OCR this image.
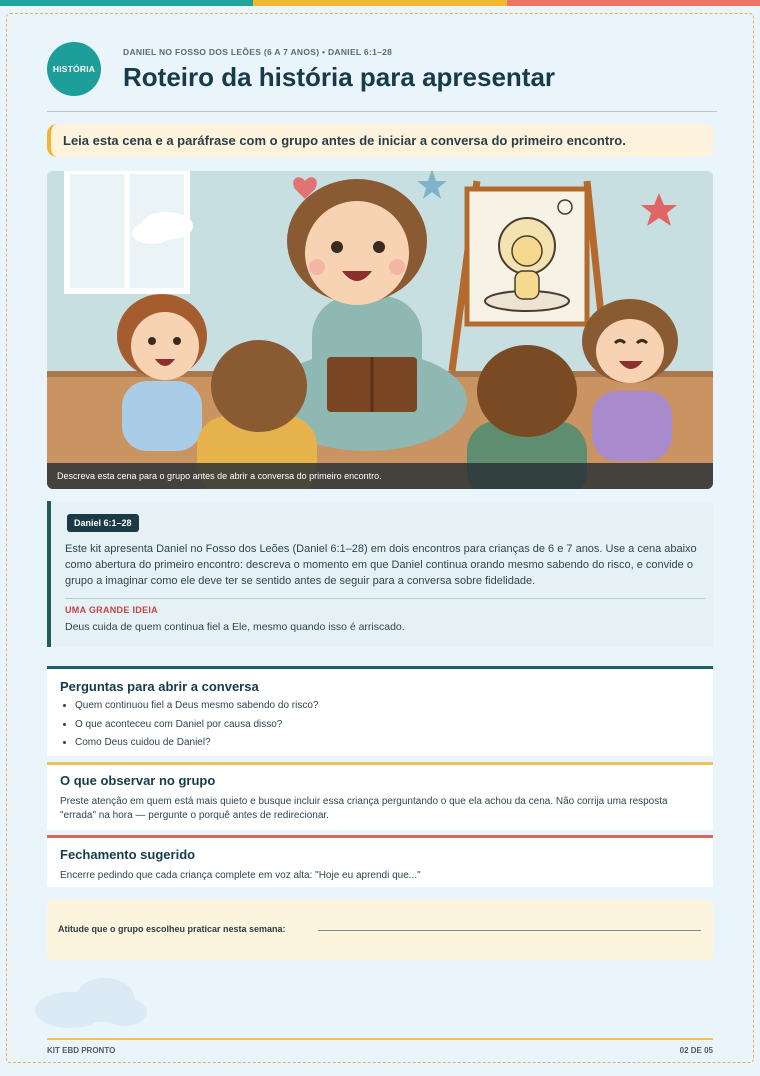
HISTÓRIA
DANIEL NO FOSSO DOS LEÕES (6 A 7 ANOS) • DANIEL 6:1–28
Roteiro da história para apresentar
Leia esta cena e a paráfrase com o grupo antes de iniciar a conversa do primeiro encontro.
Descreva esta cena para o grupo antes de abrir a conversa do primeiro encontro.
Daniel 6:1–28
Este kit apresenta Daniel no Fosso dos Leões (Daniel 6:1–28) em dois encontros para crianças de 6 e 7 anos. Use a cena abaixo como abertura do primeiro encontro: descreva o momento em que Daniel continua orando mesmo sabendo do risco, e convide o grupo a imaginar como ele deve ter se sentido antes de seguir para a conversa sobre fidelidade.
UMA GRANDE IDEIA
Deus cuida de quem continua fiel a Ele, mesmo quando isso é arriscado.
Perguntas para abrir a conversa
• Quem continuou fiel a Deus mesmo sabendo do risco?
• O que aconteceu com Daniel por causa disso?
• Como Deus cuidou de Daniel?
O que observar no grupo

Preste atenção em quem está mais quieto e busque incluir essa criança perguntando o que ela achou da cena. Não corrija uma resposta "errada" na hora — pergunte o porquê antes de redirecionar.

Fechamento sugerido

Encerre pedindo que cada criança complete em voz alta: "Hoje eu aprendi que..."

Atitude que o grupo escolheu praticar nesta semana:
KIT EBD PRONTO	02 DE 05
